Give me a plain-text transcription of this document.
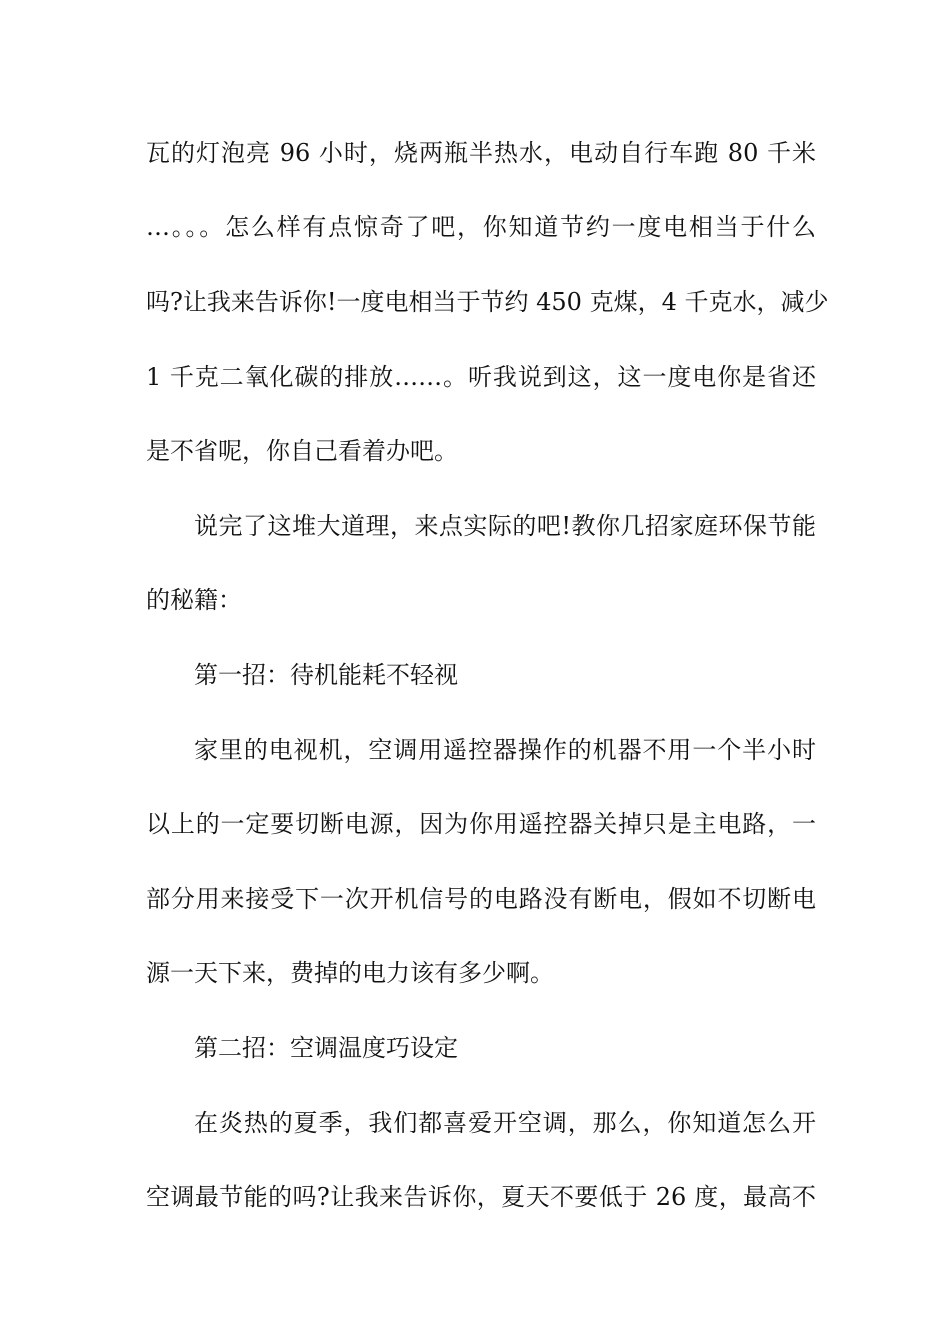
瓦的灯泡亮 96 小时，烧两瓶半热水，电动自行车跑 80 千米
…。。。怎么样有点惊奇了吧，你知道节约一度电相当于什么
吗?让我来告诉你!一度电相当于节约 450 克煤，4 千克水，减少
1 千克二氧化碳的排放……。听我说到这，这一度电你是省还
是不省呢，你自己看着办吧。
说完了这堆大道理，来点实际的吧!教你几招家庭环保节能
的秘籍：
第一招：待机能耗不轻视
家里的电视机，空调用遥控器操作的机器不用一个半小时
以上的一定要切断电源，因为你用遥控器关掉只是主电路，一
部分用来接受下一次开机信号的电路没有断电，假如不切断电
源一天下来，费掉的电力该有多少啊。
第二招：空调温度巧设定
在炎热的夏季，我们都喜爱开空调，那么，你知道怎么开
空调最节能的吗?让我来告诉你，夏天不要低于 26 度，最高不
